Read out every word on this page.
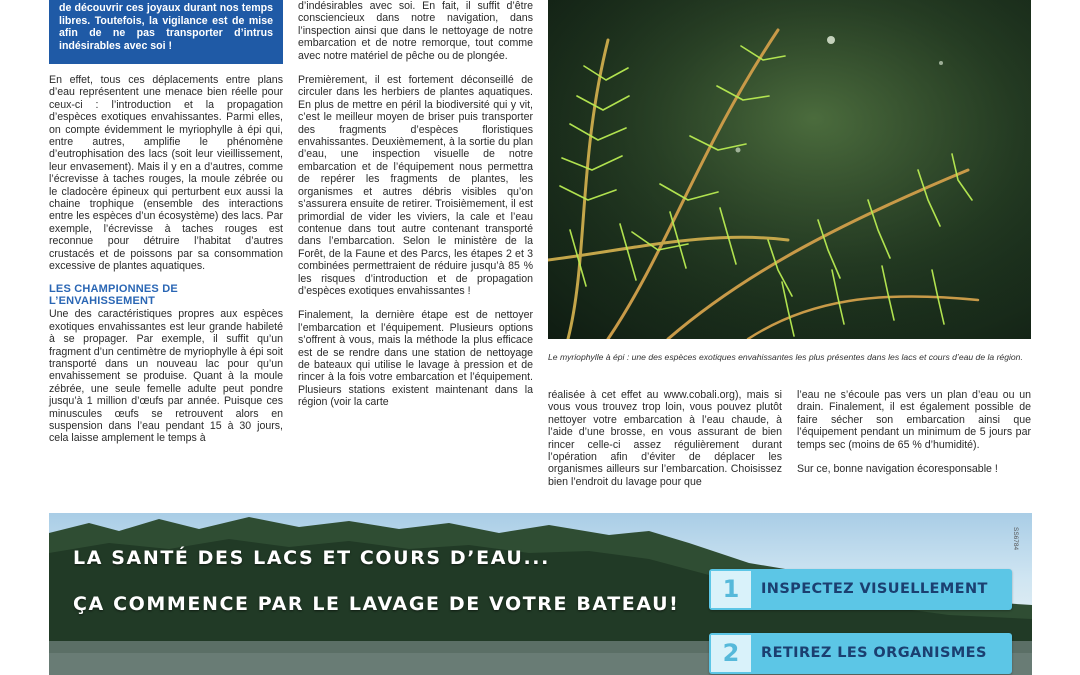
de découvrir ces joyaux durant nos temps libres. Toutefois, la vigilance est de mise afin de ne pas transporter d’intrus indésirables avec soi !

En effet, tous ces déplacements entre plans d’eau représentent une menace bien réelle pour ceux-ci : l’introduction et la propagation d’espèces exotiques envahissantes. Parmi elles, on compte évidemment le myriophylle à épi qui, entre autres, amplifie le phénomène d’eutrophisation des lacs (soit leur vieillissement, leur envasement). Mais il y en a d’autres, comme l’écrevisse à taches rouges, la moule zébrée ou le cladocère épineux qui perturbent eux aussi la chaine trophique (ensemble des interactions entre les espèces d’un écosystème) des lacs. Par exemple, l’écrevisse à taches rouges est reconnue pour détruire l’habitat d’autres crustacés et de poissons par sa consommation excessive de plantes aquatiques.

LES CHAMPIONNES DE L’ENVAHISSEMENT

Une des caractéristiques propres aux espèces exotiques envahissantes est leur grande habileté à se propager. Par exemple, il suffit qu’un fragment d’un centimètre de myriophylle à épi soit transporté dans un nouveau lac pour qu’un envahissement se produise. Quant à la moule zébrée, une seule femelle adulte peut pondre jusqu’à 1 million d’œufs par année. Puisque ces minuscules œufs se retrouvent alors en suspension dans l’eau pendant 15 à 30 jours, cela laisse amplement le temps à

d’indésirables avec soi. En fait, il suffit d’être consciencieux dans notre navigation, dans l’inspection ainsi que dans le nettoyage de notre embarcation et de notre remorque, tout comme avec notre matériel de pêche ou de plongée.

Premièrement, il est fortement déconseillé de circuler dans les herbiers de plantes aquatiques. En plus de mettre en péril la biodiversité qui y vit, c’est le meilleur moyen de briser puis transporter des fragments d’espèces floristiques envahissantes. Deuxièmement, à la sortie du plan d’eau, une inspection visuelle de notre embarcation et de l’équipement nous permettra de repérer les fragments de plantes, les organismes et autres débris visibles qu’on s’assurera ensuite de retirer. Troisièmement, il est primordial de vider les viviers, la cale et l’eau contenue dans tout autre contenant transporté dans l’embarcation. Selon le ministère de la Forêt, de la Faune et des Parcs, les étapes 2 et 3 combinées permettraient de réduire jusqu’à 85 % les risques d’introduction et de propagation d’espèces exotiques envahissantes !

Finalement, la dernière étape est de nettoyer l’embarcation et l’équipement. Plusieurs options s’offrent à vous, mais la méthode la plus efficace est de se rendre dans une station de nettoyage de bateaux qui utilise le lavage à pression et de rincer à la fois votre embarcation et l’équipement. Plusieurs stations existent maintenant dans la région (voir la carte

Le myriophylle à épi : une des espèces exotiques envahissantes les plus présentes dans les lacs et cours d’eau de la région.

réalisée à cet effet au www.cobali.org), mais si vous vous trouvez trop loin, vous pouvez plutôt nettoyer votre embarcation à l’eau chaude, à l’aide d’une brosse, en vous assurant de bien rincer celle-ci assez régulièrement durant l’opération afin d’éviter de déplacer les organismes ailleurs sur l’embarcation. Choisissez bien l’endroit du lavage pour que

l’eau ne s’écoule pas vers un plan d’eau ou un drain. Finalement, il est également possible de faire sécher son embarcation ainsi que l’équipement pendant un minimum de 5 jours par temps sec (moins de 65 % d’humidité).

Sur ce, bonne navigation écoresponsable !

LA SANTÉ DES LACS ET COURS D’EAU...
ÇA COMMENCE PAR LE LAVAGE DE VOTRE BATEAU!
SS6784
1	INSPECTEZ VISUELLEMENT
2	RETIREZ LES ORGANISMES
